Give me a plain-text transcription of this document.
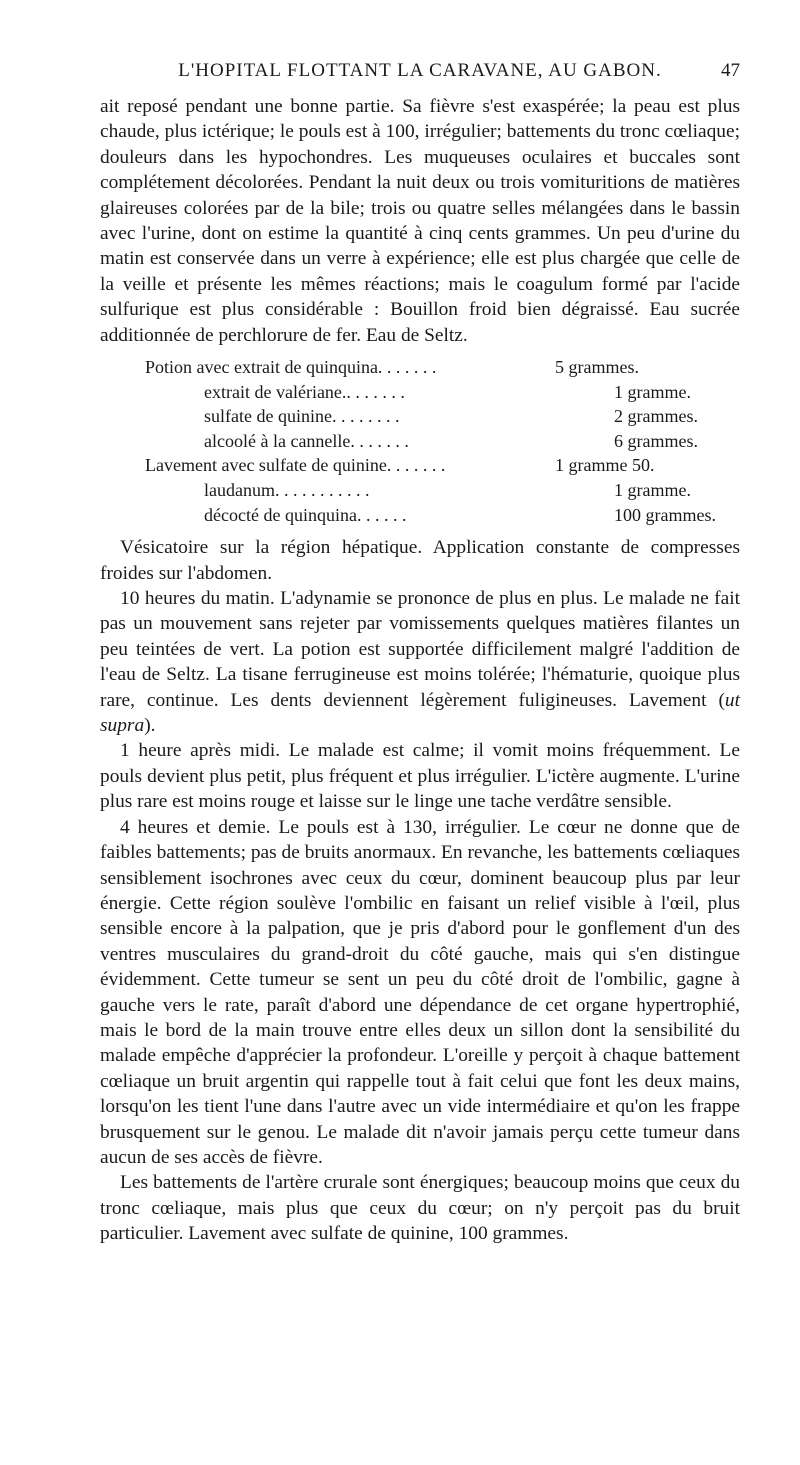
L'HOPITAL FLOTTANT LA CARAVANE, AU GABON.	47

ait reposé pendant une bonne partie. Sa fièvre s'est exaspérée; la peau est plus chaude, plus ictérique; le pouls est à 100, irrégulier; battements du tronc cœliaque; douleurs dans les hypochondres. Les muqueuses oculaires et buccales sont complétement décolorées. Pendant la nuit deux ou trois vomituritions de matières glaireuses colorées par de la bile; trois ou quatre selles mélangées dans le bassin avec l'urine, dont on estime la quantité à cinq cents grammes. Un peu d'urine du matin est conservée dans un verre à expérience; elle est plus chargée que celle de la veille et présente les mêmes réactions; mais le coagulum formé par l'acide sulfurique est plus considérable : Bouillon froid bien dégraissé. Eau sucrée additionnée de perchlorure de fer. Eau de Seltz.

Potion avec extrait de quinquina. . . . . . .	5 grammes.
extrait de valériane.. . . . . . .	1 gramme.
sulfate de quinine. . . . . . . .	2 grammes.
alcoolé à la cannelle. . . . . . .	6 grammes.
Lavement avec sulfate de quinine. . . . . . .	1 gramme 50.
laudanum. . . . . . . . . . .	1 gramme.
décocté de quinquina. . . . . .	100 grammes.

Vésicatoire sur la région hépatique. Application constante de compresses froides sur l'abdomen.

10 heures du matin. L'adynamie se prononce de plus en plus. Le malade ne fait pas un mouvement sans rejeter par vomissements quelques matières filantes un peu teintées de vert. La potion est supportée difficilement malgré l'addition de l'eau de Seltz. La tisane ferrugineuse est moins tolérée; l'hématurie, quoique plus rare, continue. Les dents deviennent légèrement fuligineuses. Lavement (ut supra).

1 heure après midi. Le malade est calme; il vomit moins fréquemment. Le pouls devient plus petit, plus fréquent et plus irrégulier. L'ictère augmente. L'urine plus rare est moins rouge et laisse sur le linge une tache verdâtre sensible.

4 heures et demie. Le pouls est à 130, irrégulier. Le cœur ne donne que de faibles battements; pas de bruits anormaux. En revanche, les battements cœliaques sensiblement isochrones avec ceux du cœur, dominent beaucoup plus par leur énergie. Cette région soulève l'ombilic en faisant un relief visible à l'œil, plus sensible encore à la palpation, que je pris d'abord pour le gonflement d'un des ventres musculaires du grand-droit du côté gauche, mais qui s'en distingue évidemment. Cette tumeur se sent un peu du côté droit de l'ombilic, gagne à gauche vers le rate, paraît d'abord une dépendance de cet organe hypertrophié, mais le bord de la main trouve entre elles deux un sillon dont la sensibilité du malade empêche d'apprécier la profondeur. L'oreille y perçoit à chaque battement cœliaque un bruit argentin qui rappelle tout à fait celui que font les deux mains, lorsqu'on les tient l'une dans l'autre avec un vide intermédiaire et qu'on les frappe brusquement sur le genou. Le malade dit n'avoir jamais perçu cette tumeur dans aucun de ses accès de fièvre.

Les battements de l'artère crurale sont énergiques; beaucoup moins que ceux du tronc cœliaque, mais plus que ceux du cœur; on n'y perçoit pas du bruit particulier. Lavement avec sulfate de quinine, 100 grammes.
